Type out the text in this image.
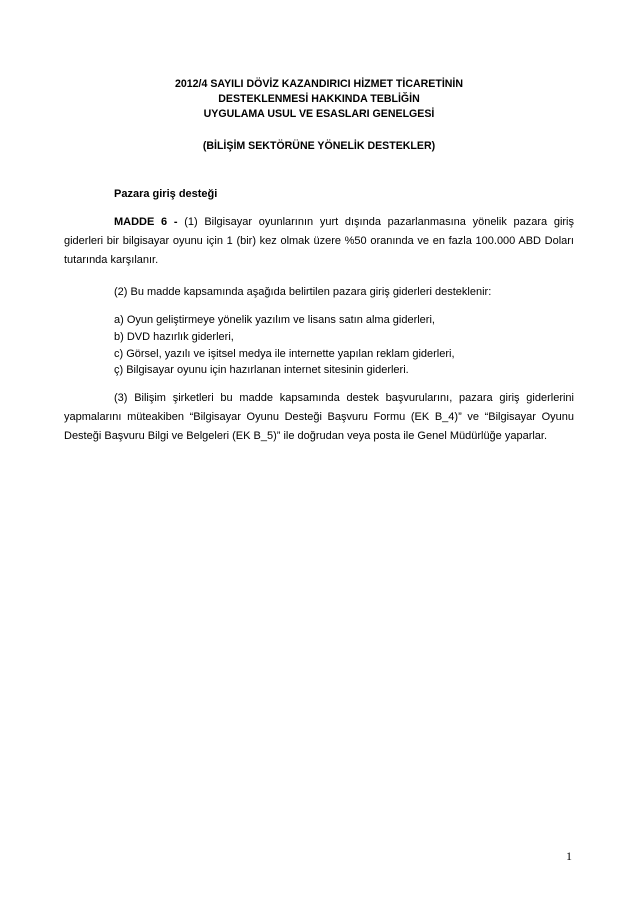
2012/4 SAYILI DÖVİZ KAZANDIRICI HİZMET TİCARETİNİN
DESTEKLENMESİ HAKKINDA TEBLİĞİN
UYGULAMA USUL VE ESASLARI GENELGESİ
(BİLİŞİM SEKTÖRÜNE YÖNELİK DESTEKLER)
Pazara giriş desteği

MADDE 6 - (1) Bilgisayar oyunlarının yurt dışında pazarlanmasına yönelik pazara giriş giderleri bir bilgisayar oyunu için 1 (bir) kez olmak üzere %50 oranında ve en fazla 100.000 ABD Doları tutarında karşılanır.

(2) Bu madde kapsamında aşağıda belirtilen pazara giriş giderleri desteklenir:

a) Oyun geliştirmeye yönelik yazılım ve lisans satın alma giderleri,
b) DVD hazırlık giderleri,
c) Görsel, yazılı ve işitsel medya ile internette yapılan reklam giderleri,
ç) Bilgisayar oyunu için hazırlanan internet sitesinin giderleri.

(3) Bilişim şirketleri bu madde kapsamında destek başvurularını, pazara giriş giderlerini yapmalarını müteakiben “Bilgisayar Oyunu Desteği Başvuru Formu (EK B_4)” ve “Bilgisayar Oyunu Desteği Başvuru Bilgi ve Belgeleri (EK B_5)” ile doğrudan veya posta ile Genel Müdürlüğe yaparlar.

1
